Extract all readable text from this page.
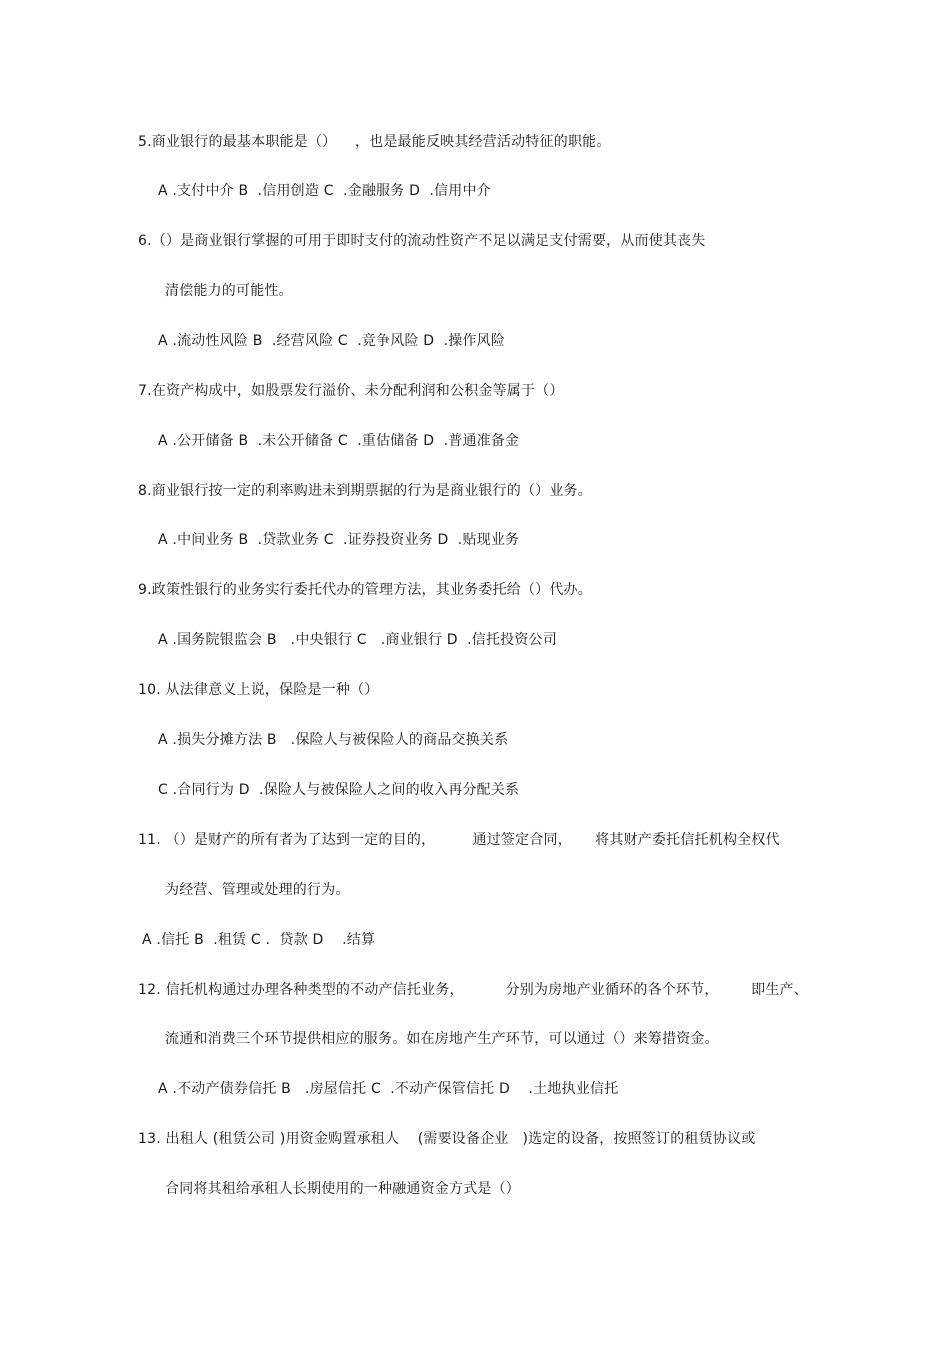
5.商业银行的最基本职能是（）    ，也是最能反映其经营活动特征的职能。
A .支付中介 B  .信用创造 C  .金融服务 D  .信用中介
6.（）是商业银行掌握的可用于即时支付的流动性资产不足以满足支付需要，从而使其丧失
清偿能力的可能性。
A .流动性风险 B  .经营风险 C  .竞争风险 D  .操作风险
7.在资产构成中，如股票发行溢价、未分配利润和公积金等属于（）
A .公开储备 B  .未公开储备 C  .重估储备 D  .普通准备金
8.商业银行按一定的利率购进未到期票据的行为是商业银行的（）业务。
A .中间业务 B  .贷款业务 C  .证券投资业务 D  .贴现业务
9.政策性银行的业务实行委托代办的管理方法，其业务委托给（）代办。
A .国务院银监会 B   .中央银行 C   .商业银行 D  .信托投资公司
10. 从法律意义上说，保险是一种（）
A .损失分摊方法 B   .保险人与被保险人的商品交换关系
C .合同行为 D  .保险人与被保险人之间的收入再分配关系
11. （）是财产的所有者为了达到一定的目的，        通过签定合同，     将其财产委托信托机构全权代
为经营、管理或处理的行为。
A .信托 B  .租赁 C .  贷款 D    .结算
12. 信托机构通过办理各种类型的不动产信托业务，         分别为房地产业循环的各个环节，       即生产、
流通和消费三个环节提供相应的服务。如在房地产生产环节，可以通过（）来筹措资金。
A .不动产债券信托 B   .房屋信托 C  .不动产保管信托 D    .土地执业信托
13. 出租人 (租赁公司 )用资金购置承租人    (需要设备企业   )选定的设备，按照签订的租赁协议或
合同将其租给承租人长期使用的一种融通资金方式是（）
